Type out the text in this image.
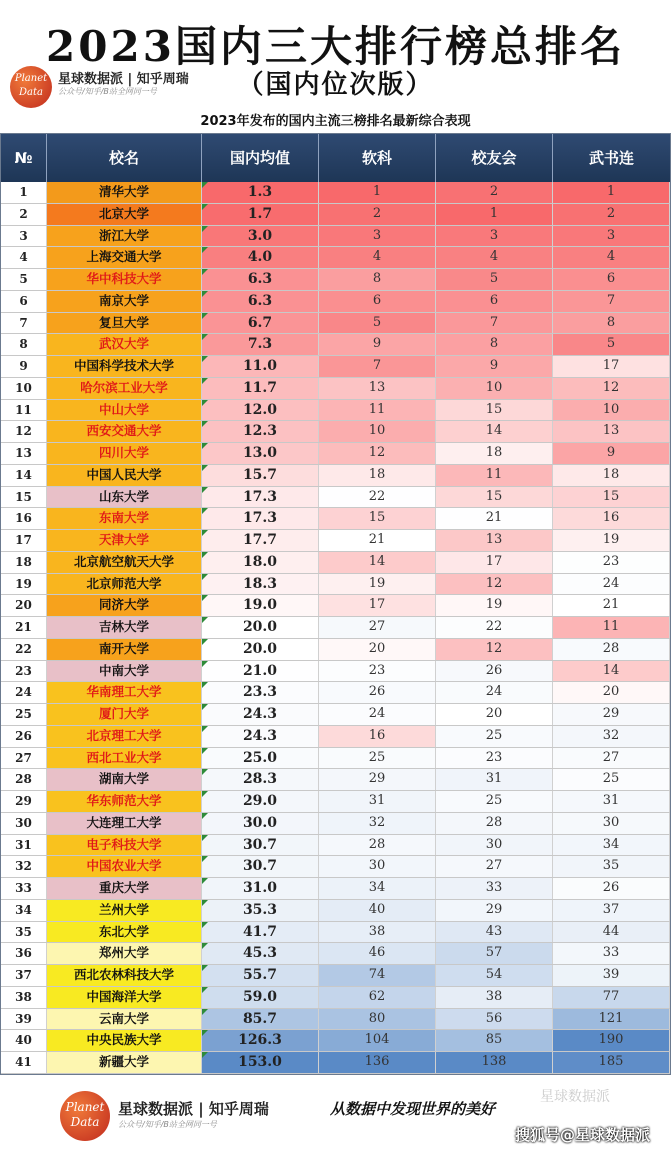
2023国内三大排行榜总排名
（国内位次版）
Planet
Data
星球数据派 | 知乎周瑞
公众号/知乎/B站全网同一号
2023年发布的国内主流三榜排名最新综合表现
№	校名	国内均值	软科	校友会	武书连
1	清华大学	1.3	1	2	1
2	北京大学	1.7	2	1	2
3	浙江大学	3.0	3	3	3
4	上海交通大学	4.0	4	4	4
5	华中科技大学	6.3	8	5	6
6	南京大学	6.3	6	6	7
7	复旦大学	6.7	5	7	8
8	武汉大学	7.3	9	8	5
9	中国科学技术大学	11.0	7	9	17
10	哈尔滨工业大学	11.7	13	10	12
11	中山大学	12.0	11	15	10
12	西安交通大学	12.3	10	14	13
13	四川大学	13.0	12	18	9
14	中国人民大学	15.7	18	11	18
15	山东大学	17.3	22	15	15
16	东南大学	17.3	15	21	16
17	天津大学	17.7	21	13	19
18	北京航空航天大学	18.0	14	17	23
19	北京师范大学	18.3	19	12	24
20	同济大学	19.0	17	19	21
21	吉林大学	20.0	27	22	11
22	南开大学	20.0	20	12	28
23	中南大学	21.0	23	26	14
24	华南理工大学	23.3	26	24	20
25	厦门大学	24.3	24	20	29
26	北京理工大学	24.3	16	25	32
27	西北工业大学	25.0	25	23	27
28	湖南大学	28.3	29	31	25
29	华东师范大学	29.0	31	25	31
30	大连理工大学	30.0	32	28	30
31	电子科技大学	30.7	28	30	34
32	中国农业大学	30.7	30	27	35
33	重庆大学	31.0	34	33	26
34	兰州大学	35.3	40	29	37
35	东北大学	41.7	38	43	44
36	郑州大学	45.3	46	57	33
37	西北农林科技大学	55.7	74	54	39
38	中国海洋大学	59.0	62	38	77
39	云南大学	85.7	80	56	121
40	中央民族大学	126.3	104	85	190
41	新疆大学	153.0	136	138	185
Planet
Data
星球数据派 | 知乎周瑞
公众号/知乎/B站全网同一号
从数据中发现世界的美好
星球数据派
搜狐号@星球数据派
